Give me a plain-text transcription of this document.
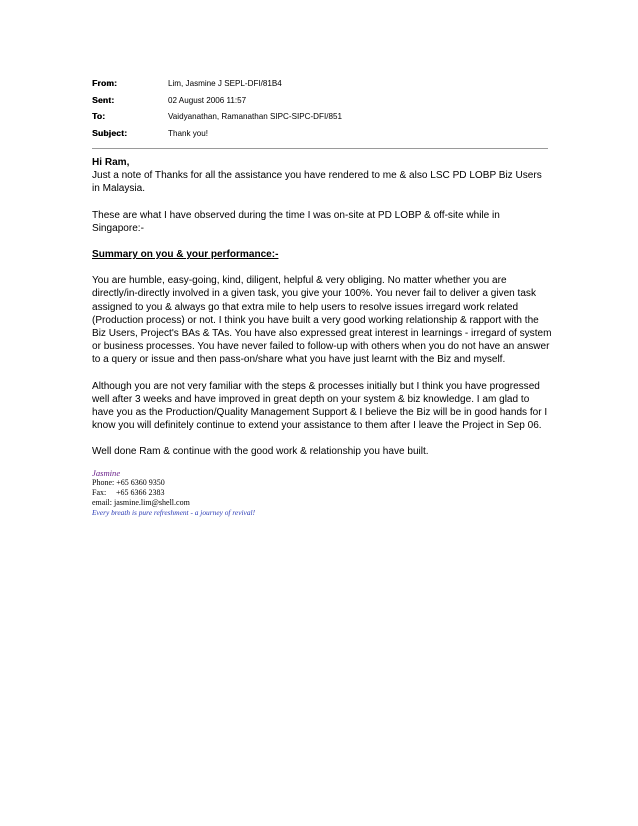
From:	Lim, Jasmine J SEPL-DFI/81B4
Sent:	02 August 2006 11:57
To:	Vaidyanathan, Ramanathan SIPC-SIPC-DFI/851
Subject:	Thank you!

Hi Ram,

Just a note of Thanks for all the assistance you have rendered to me & also LSC PD LOBP Biz Users in Malaysia.

These are what I have observed during the time I was on-site at PD LOBP & off-site while in Singapore:-

Summary on you & your performance:-

You are humble, easy-going, kind, diligent, helpful & very obliging. No matter whether you are directly/in-directly involved in a given task, you give your 100%. You never fail to deliver a given task assigned to you & always go that extra mile to help users to resolve issues irregard work related (Production process) or not. I think you have built a very good working relationship & rapport with the Biz Users, Project's BAs & TAs. You have also expressed great interest in learnings - irregard of system or business processes. You have never failed to follow-up with others when you do not have an answer to a query or issue and then pass-on/share what you have just learnt with the Biz and myself.

Although you are not very familiar with the steps & processes initially but I think you have progressed well after 3 weeks and have improved in great depth on your system & biz knowledge. I am glad to have you as the Production/Quality Management Support & I believe the Biz will be in good hands for I know you will definitely continue to extend your assistance to them after I leave the Project in Sep 06.

Well done Ram & continue with the good work & relationship you have built.

Jasmine
Phone: +65 6360 9350
Fax: +65 6366 2383
email: jasmine.lim@shell.com
Every breath is pure refreshment - a journey of revival!
